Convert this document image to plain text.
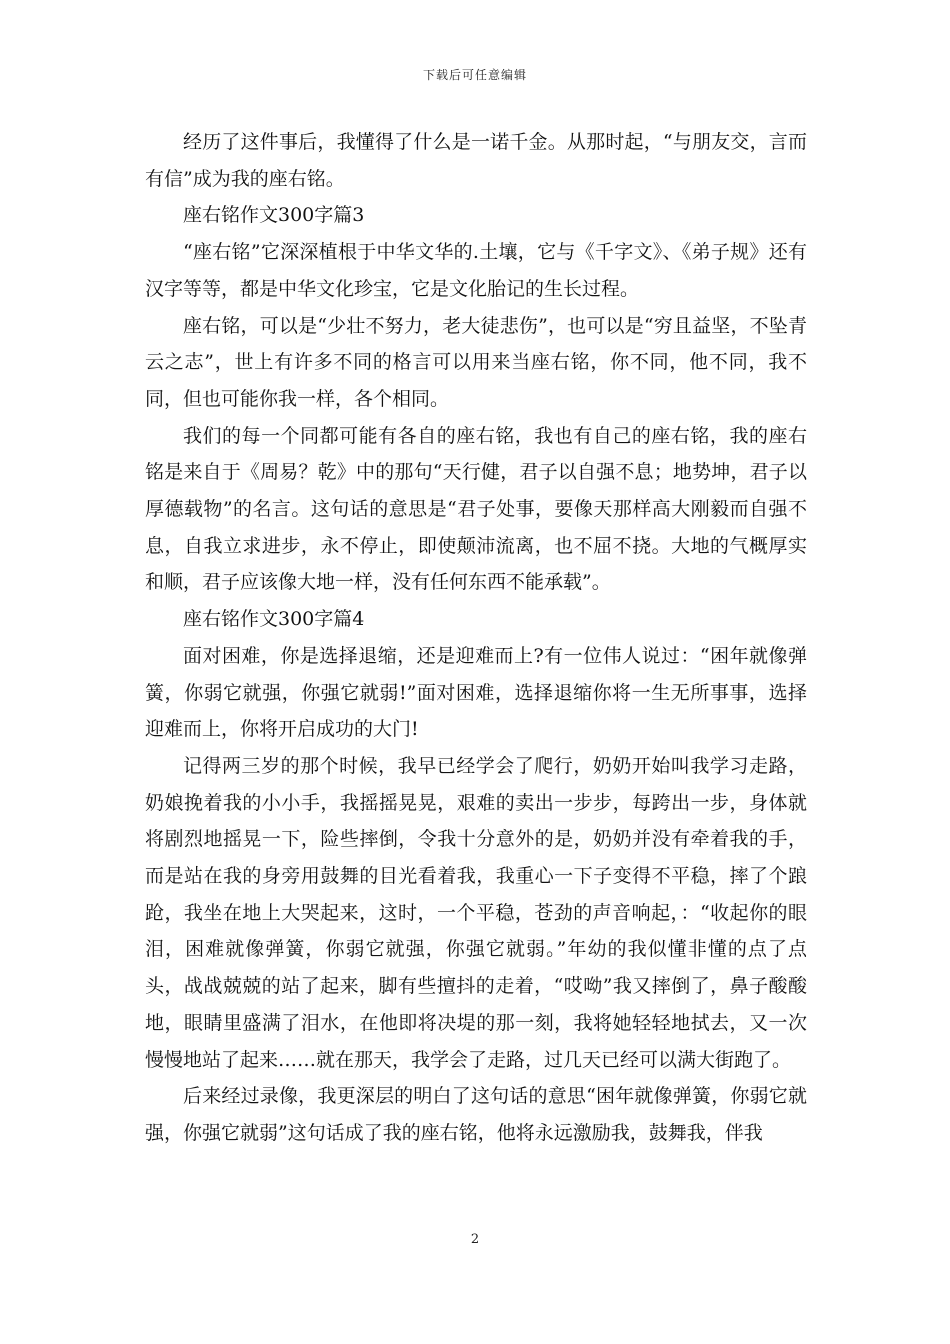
下载后可任意编辑

经历了这件事后，我懂得了什么是一诺千金。从那时起，“与朋友交，言而有信”成为我的座右铭。

座右铭作文300字篇3

“座右铭”它深深植根于中华文华的.土壤，它与《千字文》、《弟子规》还有汉字等等，都是中华文化珍宝，它是文化胎记的生长过程。

座右铭，可以是“少壮不努力，老大徒悲伤”，也可以是“穷且益坚，不坠青云之志”，世上有许多不同的格言可以用来当座右铭，你不同，他不同，我不同，但也可能你我一样，各个相同。

我们的每一个同都可能有各自的座右铭，我也有自己的座右铭，我的座右铭是来自于《周易？乾》中的那句“天行健，君子以自强不息；地势坤，君子以厚德载物”的名言。这句话的意思是“君子处事，要像天那样高大刚毅而自强不息，自我立求进步，永不停止，即使颠沛流离，也不屈不挠。大地的气概厚实和顺，君子应该像大地一样，没有任何东西不能承载”。

座右铭作文300字篇4

面对困难，你是选择退缩，还是迎难而上?有一位伟人说过：“困年就像弹簧，你弱它就强，你强它就弱!”面对困难，选择退缩你将一生无所事事，选择迎难而上，你将开启成功的大门!

记得两三岁的那个时候，我早已经学会了爬行，奶奶开始叫我学习走路，奶娘挽着我的小小手，我摇摇晃晃，艰难的卖出一步步，每跨出一步，身体就将剧烈地摇晃一下，险些摔倒，令我十分意外的是，奶奶并没有牵着我的手，而是站在我的身旁用鼓舞的目光看着我，我重心一下子变得不平稳，摔了个踉跄，我坐在地上大哭起来，这时，一个平稳，苍劲的声音响起，：“收起你的眼泪，困难就像弹簧，你弱它就强，你强它就弱。”年幼的我似懂非懂的点了点头，战战兢兢的站了起来，脚有些擅抖的走着，“哎呦”我又摔倒了，鼻子酸酸地，眼睛里盛满了泪水，在他即将决堤的那一刻，我将她轻轻地拭去，又一次慢慢地站了起来……就在那天，我学会了走路，过几天已经可以满大街跑了。

后来经过录像，我更深层的明白了这句话的意思“困年就像弹簧，你弱它就强，你强它就弱”这句话成了我的座右铭，他将永远激励我，鼓舞我，伴我

2
